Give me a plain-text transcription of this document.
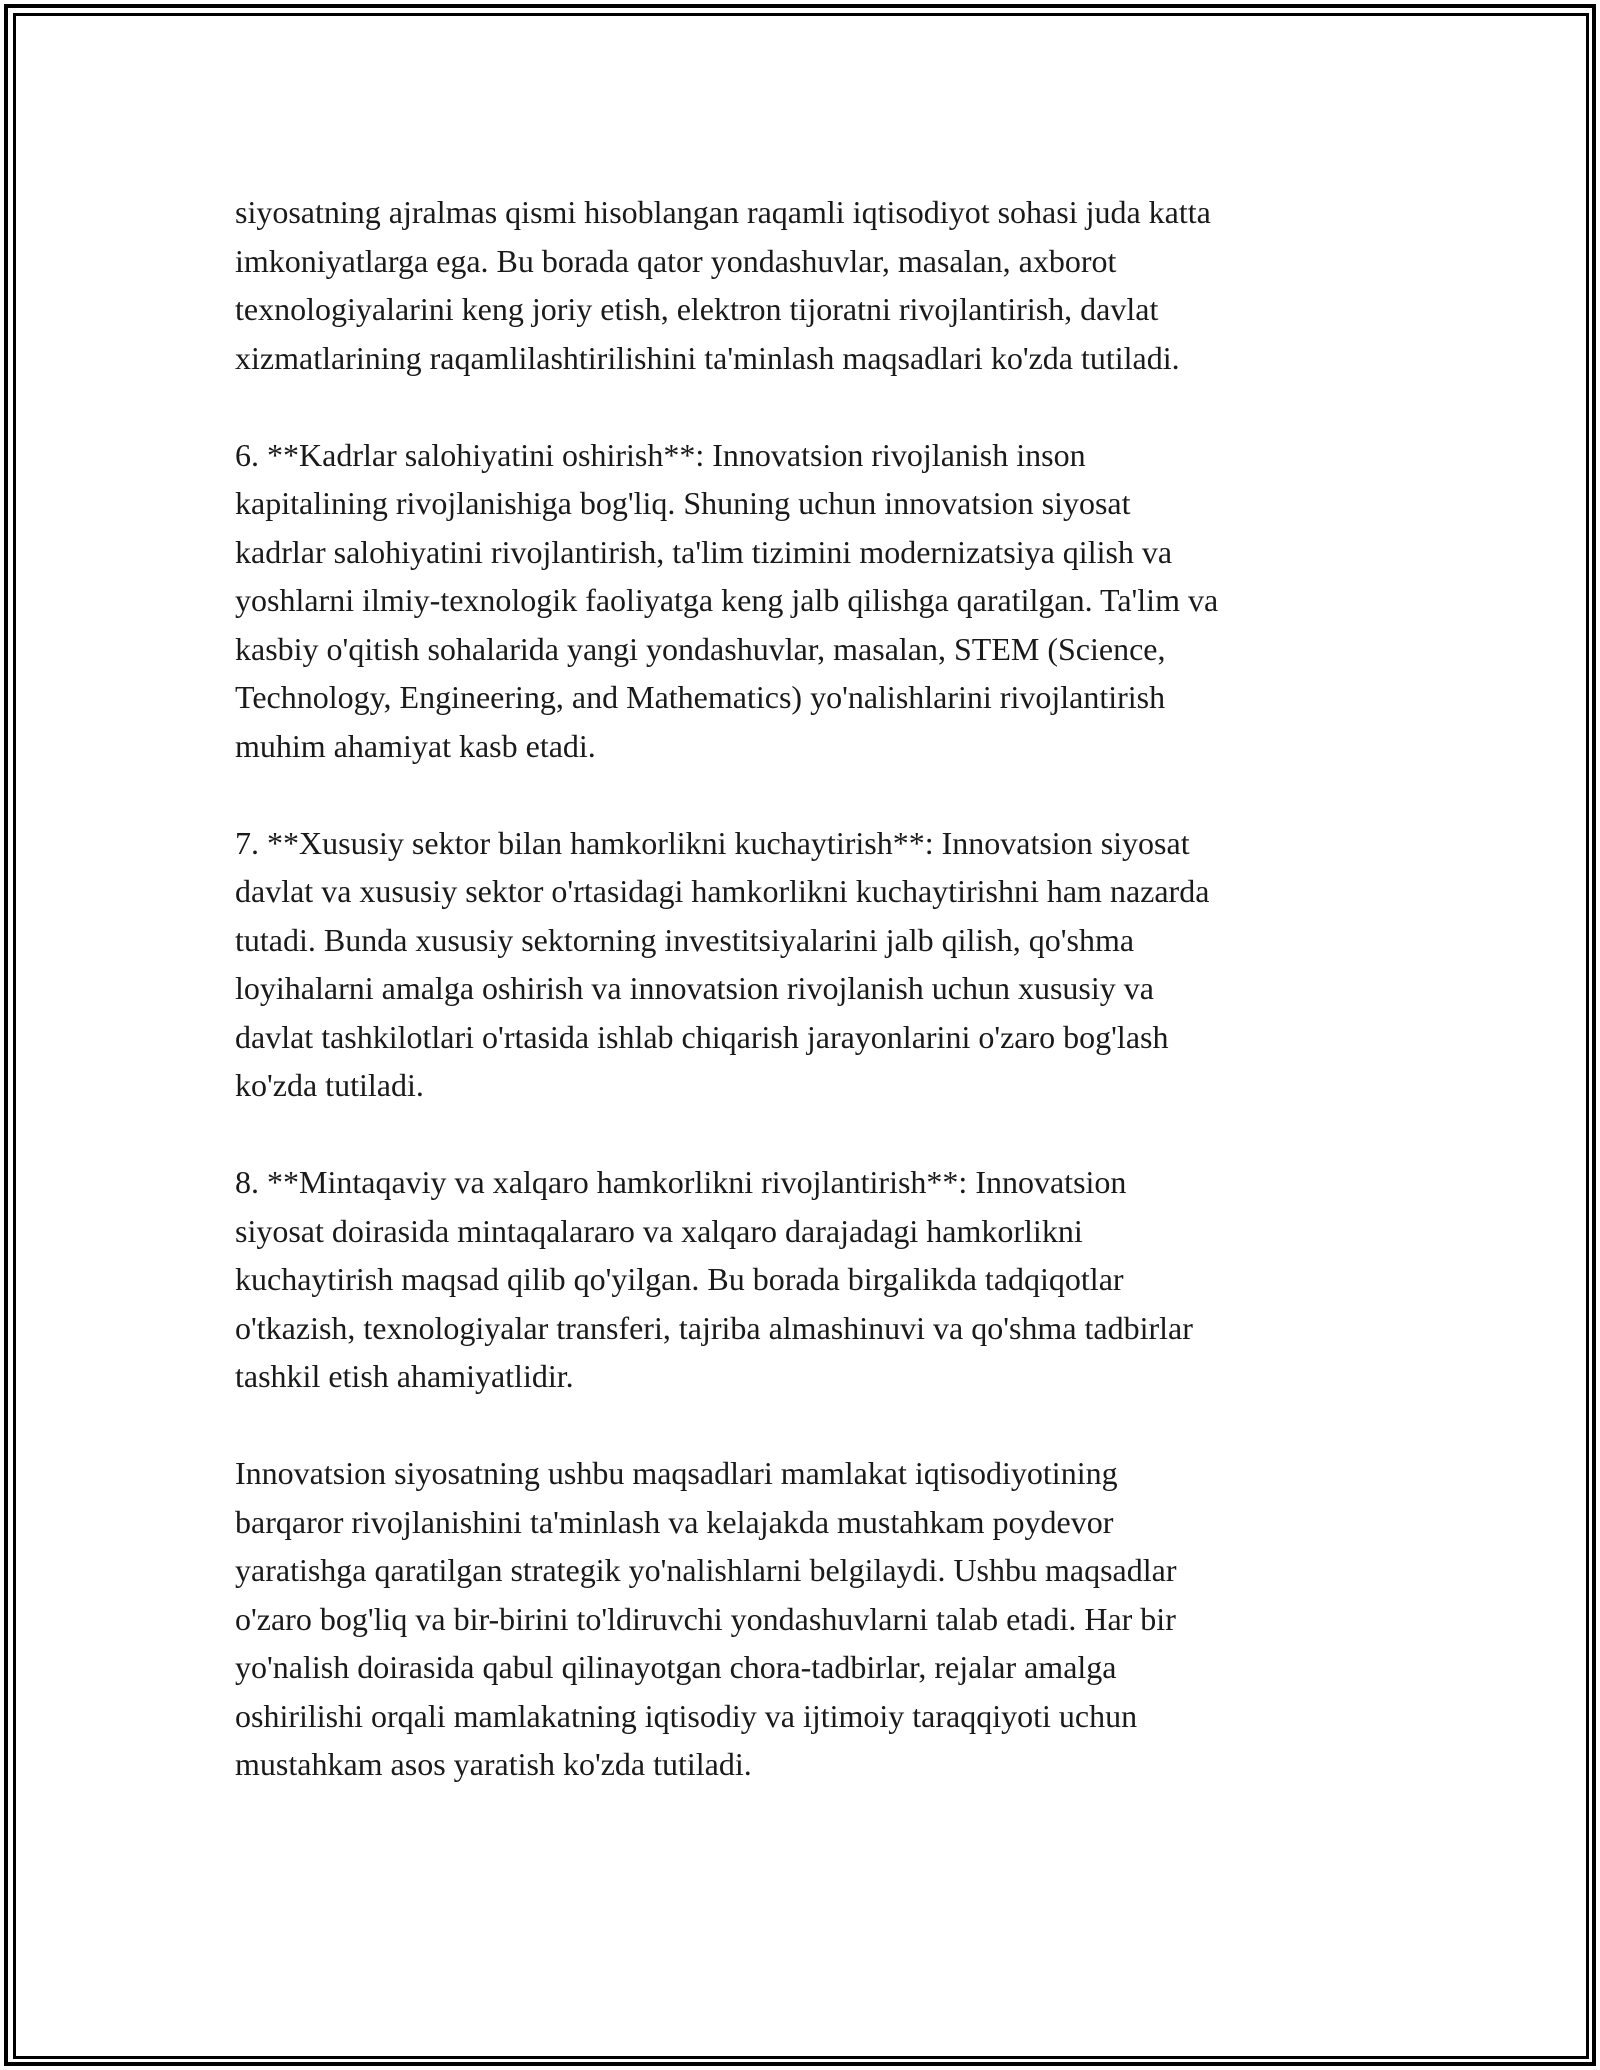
siyosatning ajralmas qismi hisoblangan raqamli iqtisodiyot sohasi juda katta
imkoniyatlarga ega. Bu borada qator yondashuvlar, masalan, axborot
texnologiyalarini keng joriy etish, elektron tijoratni rivojlantirish, davlat
xizmatlarining raqamlilashtirilishini ta'minlash maqsadlari ko'zda tutiladi.

6. **Kadrlar salohiyatini oshirish**: Innovatsion rivojlanish inson
kapitalining rivojlanishiga bog'liq. Shuning uchun innovatsion siyosat
kadrlar salohiyatini rivojlantirish, ta'lim tizimini modernizatsiya qilish va
yoshlarni ilmiy-texnologik faoliyatga keng jalb qilishga qaratilgan. Ta'lim va
kasbiy o'qitish sohalarida yangi yondashuvlar, masalan, STEM (Science,
Technology, Engineering, and Mathematics) yo'nalishlarini rivojlantirish
muhim ahamiyat kasb etadi.

7. **Xususiy sektor bilan hamkorlikni kuchaytirish**: Innovatsion siyosat
davlat va xususiy sektor o'rtasidagi hamkorlikni kuchaytirishni ham nazarda
tutadi. Bunda xususiy sektorning investitsiyalarini jalb qilish, qo'shma
loyihalarni amalga oshirish va innovatsion rivojlanish uchun xususiy va
davlat tashkilotlari o'rtasida ishlab chiqarish jarayonlarini o'zaro bog'lash
ko'zda tutiladi.

8. **Mintaqaviy va xalqaro hamkorlikni rivojlantirish**: Innovatsion
siyosat doirasida mintaqalararo va xalqaro darajadagi hamkorlikni
kuchaytirish maqsad qilib qo'yilgan. Bu borada birgalikda tadqiqotlar
o'tkazish, texnologiyalar transferi, tajriba almashinuvi va qo'shma tadbirlar
tashkil etish ahamiyatlidir.

Innovatsion siyosatning ushbu maqsadlari mamlakat iqtisodiyotining
barqaror rivojlanishini ta'minlash va kelajakda mustahkam poydevor
yaratishga qaratilgan strategik yo'nalishlarni belgilaydi. Ushbu maqsadlar
o'zaro bog'liq va bir-birini to'ldiruvchi yondashuvlarni talab etadi. Har bir
yo'nalish doirasida qabul qilinayotgan chora-tadbirlar, rejalar amalga
oshirilishi orqali mamlakatning iqtisodiy va ijtimoiy taraqqiyoti uchun
mustahkam asos yaratish ko'zda tutiladi.
